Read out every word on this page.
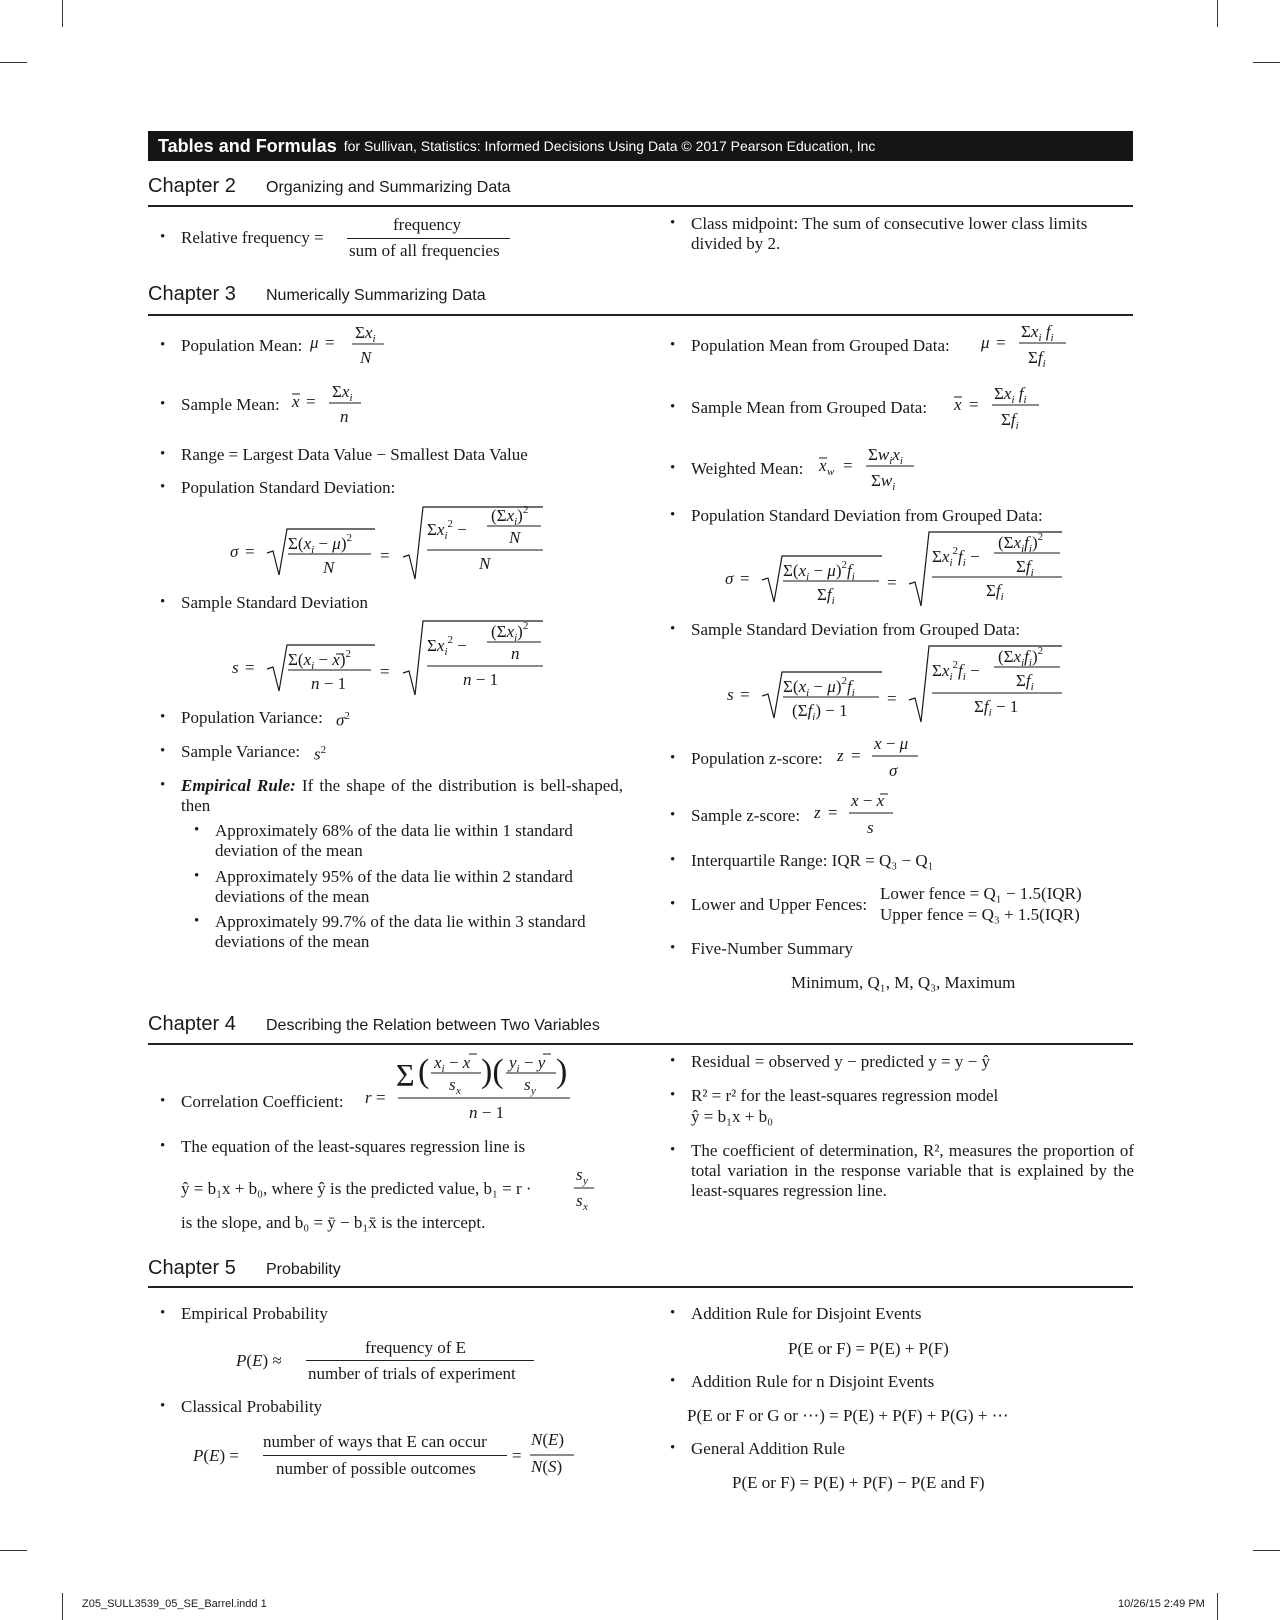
Tables and Formulas for Sullivan, Statistics: Informed Decisions Using Data © 2017 Pearson Education, Inc
Chapter 2 Organizing and Summarizing Data
• Relative frequency =
frequency
sum of all frequencies
• Class midpoint: The sum of consecutive lower class limits divided by 2.
Chapter 3 Numerically Summarizing Data
• Population Mean: μ =
$\Sigma x_i$
N
• Sample Mean: x =
$\Sigma x_i$
n
• Range = Largest Data Value − Smallest Data Value
• Population Standard Deviation:
$\sigma = \Sigma(x_i - \mu)^2$
N
=
$\Sigma x_i^2$ −
$(\Sigma x_i)^2$
N
N
• Sample Standard Deviation
$s = \Sigma(x_i - x)^2$
n − 1
=
$\Sigma x_i^2$ −
$(\Sigma x_i)^2$
n
n − 1
• Population Variance: $\sigma^2$
• Sample Variance: $s^2$
• Empirical Rule: If the shape of the distribution is bell-shaped, then
• Approximately 68% of the data lie within 1 standard deviation of the mean
• Approximately 95% of the data lie within 2 standard deviations of the mean
• Approximately 99.7% of the data lie within 3 standard deviations of the mean
• Population Mean from Grouped Data: μ =
$\Sigma x_i$ $f_i$
$\Sigma f_i$
• Sample Mean from Grouped Data: x =
$\Sigma x_i$ $f_i$
$\Sigma f_i$
• Weighted Mean: x w =
$\Sigma w_ix_i$
$\Sigma w_i$
• Population Standard Deviation from Grouped Data:
$\sigma = \Sigma(x_i - \mu)^2f_i$
$\Sigma f_i$
=
$\Sigma x_i^2f_i$ −
$(\Sigma x_if_i)^2$
$\Sigma f_i$
$\Sigma f_i$
• Sample Standard Deviation from Grouped Data:
$s = \Sigma(x_i - \mu)^2f_i$
$(\Sigma f_i) - 1$
=
$\Sigma x_i^2f_i$ −
$(\Sigma x_if_i)^2$
$\Sigma f_i$
$\Sigma f_i - 1$
• Population z-score: z =
x − μ
σ
• Sample z-score: z =
x − x
s
• Interquartile Range: IQR = Q₃ − Q₁
• Lower and Upper Fences:
Lower fence = Q₁ − 1.5(IQR)
Upper fence = Q₃ + 1.5(IQR)
• Five-Number Summary
Minimum, Q₁, M, Q₃, Maximum
Chapter 4 Describing the Relation between Two Variables
• Correlation Coefficient: r =
Σ ( $x_i - x$
s x
)( $y_i - y$
s y
)
n − 1
• The equation of the least-squares regression line is
ŷ = b₁x + b₀, where ŷ is the predicted value, b₁ = r ·
s y
s x
is the slope, and b₀ = ȳ − b₁x̄ is the intercept.
• Residual = observed y − predicted y = y − ŷ
• R² = r² for the least-squares regression model
ŷ = b₁x + b₀
• The coefficient of determination, R², measures the proportion of total variation in the response variable that is explained by the least-squares regression line.
Chapter 5 Probability
• Empirical Probability
P(E) ≈
frequency of E
number of trials of experiment
• Classical Probability
P(E) =
number of ways that E can occur
number of possible outcomes
=
N(E)
N(S)
• Addition Rule for Disjoint Events
P(E or F) = P(E) + P(F)
• Addition Rule for n Disjoint Events
P(E or F or G or ⋯) = P(E) + P(F) + P(G) + ⋯
• General Addition Rule
P(E or F) = P(E) + P(F) − P(E and F)
Z05_SULL3539_05_SE_Barrel.indd 1	10/26/15 2:49 PM
